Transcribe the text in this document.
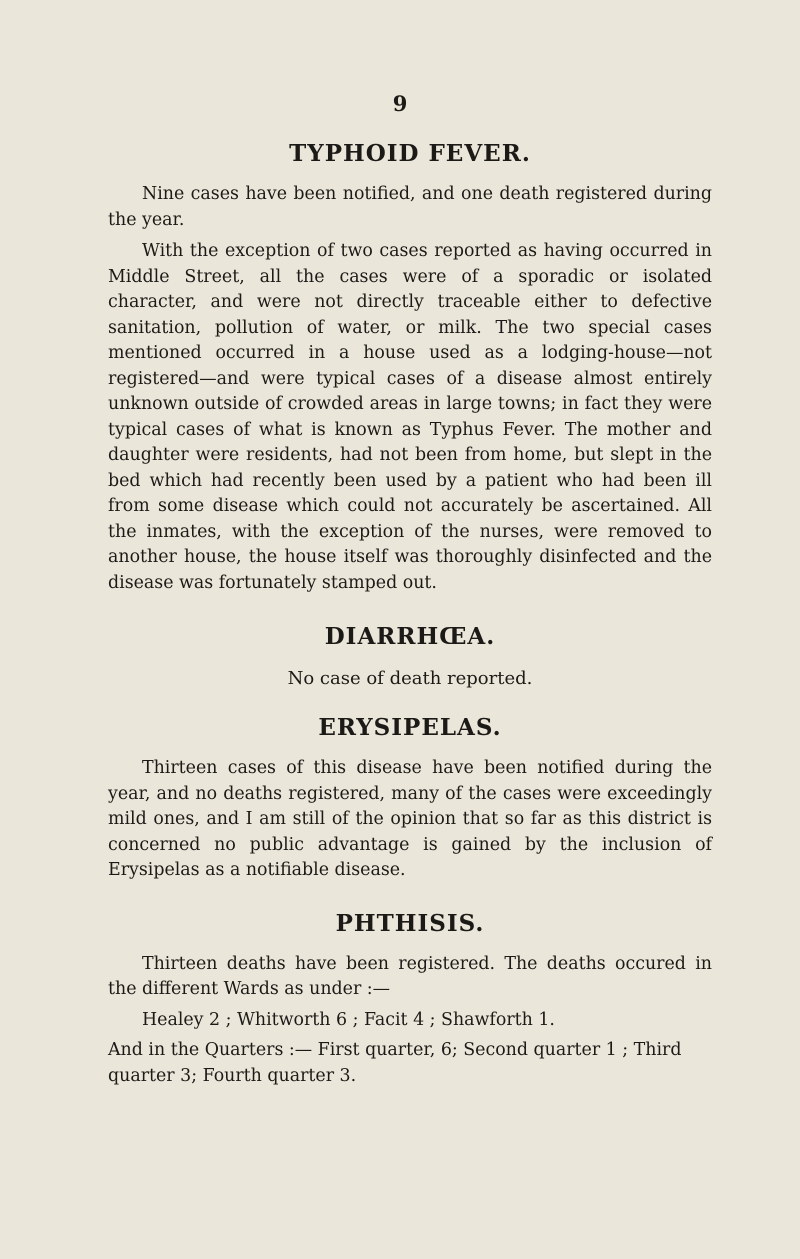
9
TYPHOID FEVER.

Nine cases have been notified, and one death registered during the year.

With the exception of two cases reported as having occurred in Middle Street, all the cases were of a sporadic or isolated character, and were not directly traceable either to defective sanitation, pollution of water, or milk. The two special cases mentioned occurred in a house used as a lodging-house—not registered—and were typical cases of a disease almost entirely unknown outside of crowded areas in large towns; in fact they were typical cases of what is known as Typhus Fever. The mother and daughter were residents, had not been from home, but slept in the bed which had recently been used by a patient who had been ill from some disease which could not accurately be ascertained. All the inmates, with the exception of the nurses, were removed to another house, the house itself was thoroughly disinfected and the disease was fortunately stamped out.

DIARRHŒA.

No case of death reported.

ERYSIPELAS.

Thirteen cases of this disease have been notified during the year, and no deaths registered, many of the cases were exceedingly mild ones, and I am still of the opinion that so far as this district is concerned no public advantage is gained by the inclusion of Erysipelas as a notifiable disease.

PHTHISIS.

Thirteen deaths have been registered. The deaths occured in the different Wards as under :—

Healey 2 ; Whitworth 6 ; Facit 4 ; Shawforth 1.

And in the Quarters :— First quarter, 6; Second quarter 1 ; Third quarter 3; Fourth quarter 3.
